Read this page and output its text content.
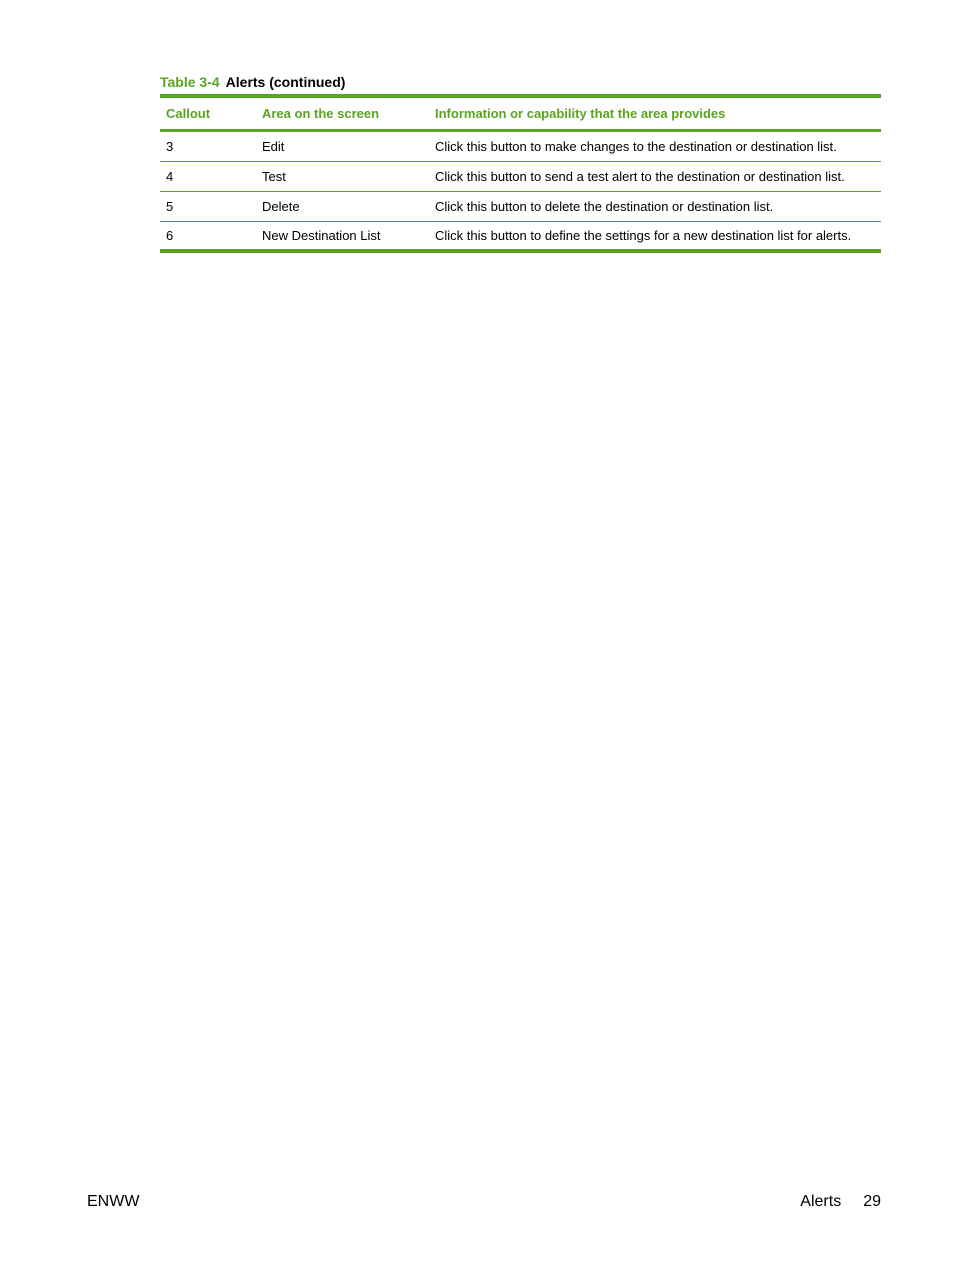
Table 3-4 Alerts (continued)
Callout	Area on the screen	Information or capability that the area provides
3	Edit	Click this button to make changes to the destination or destination list.
4	Test	Click this button to send a test alert to the destination or destination list.
5	Delete	Click this button to delete the destination or destination list.
6	New Destination List	Click this button to define the settings for a new destination list for alerts.
ENWW	Alerts 29
